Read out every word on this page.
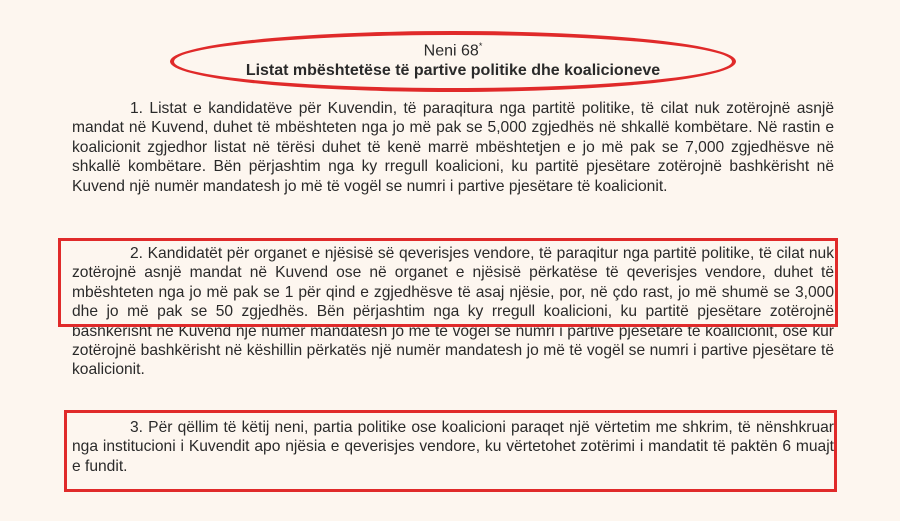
Neni 68*
Listat mbështetëse të partive politike dhe koalicioneve

1. Listat e kandidatëve për Kuvendin, të paraqitura nga partitë politike, të cilat nuk zotërojnë asnjë mandat në Kuvend, duhet të mbështeten nga jo më pak se 5,000 zgjedhës në shkallë kombëtare. Në rastin e koalicionit zgjedhor listat në tërësi duhet të kenë marrë mbështetjen e jo më pak se 7,000 zgjedhësve në shkallë kombëtare. Bën përjashtim nga ky rregull koalicioni, ku partitë pjesëtare zotërojnë bashkërisht në Kuvend një numër mandatesh jo më të vogël se numri i partive pjesëtare të koalicionit.

2. Kandidatët për organet e njësisë së qeverisjes vendore, të paraqitur nga partitë politike, të cilat nuk zotërojnë asnjë mandat në Kuvend ose në organet e njësisë përkatëse të qeverisjes vendore, duhet të mbështeten nga jo më pak se 1 për qind e zgjedhësve të asaj njësie, por, në çdo rast, jo më shumë se 3,000 dhe jo më pak se 50 zgjedhës. Bën përjashtim nga ky rregull koalicioni, ku partitë pjesëtare zotërojnë bashkërisht në Kuvend një numër mandatesh jo më të vogël se numri i partive pjesëtare të koalicionit, ose kur zotërojnë bashkërisht në këshillin përkatës një numër mandatesh jo më të vogël se numri i partive pjesëtare të koalicionit.

3. Për qëllim të këtij neni, partia politike ose koalicioni paraqet një vërtetim me shkrim, të nënshkruar nga institucioni i Kuvendit apo njësia e qeverisjes vendore, ku vërtetohet zotërimi i mandatit të paktën 6 muajt e fundit.
